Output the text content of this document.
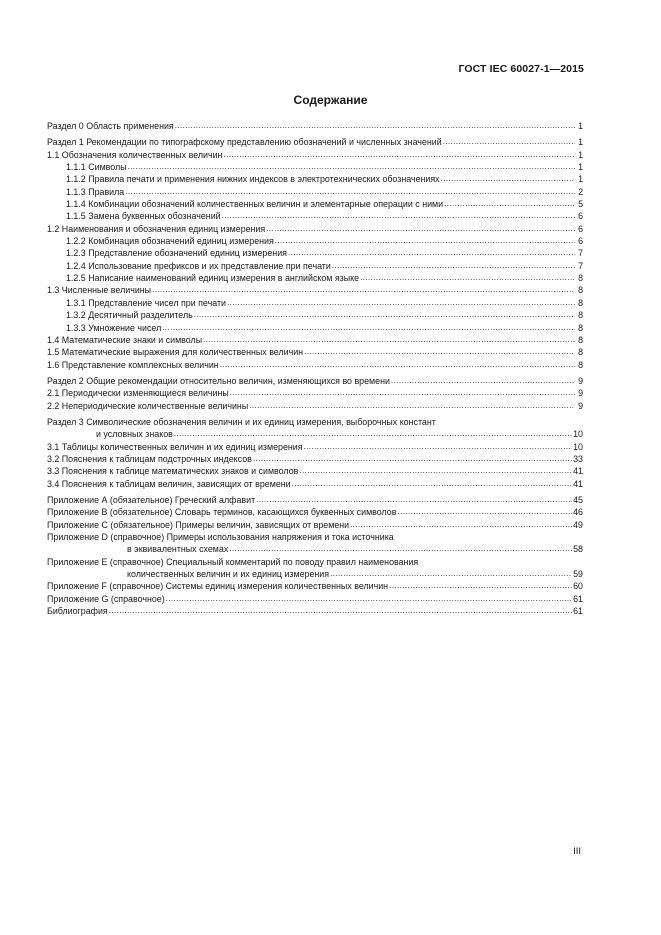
ГОСТ IEC 60027-1—2015
Содержание
Раздел 0 Область применения .....	1
Раздел 1 Рекомендации по типографскому представлению обозначений и численных значений .....	1
1.1 Обозначения количественных величин .....	1
1.1.1 Символы .....	1
1.1.2 Правила печати и применения нижних индексов в электротехнических обозначениях .....	1
1.1.3 Правила .....	2
1.1.4 Комбинации обозначений количественных величин и элементарные операции с ними .....	5
1.1.5 Замена буквенных обозначений .....	6
1.2 Наименования и обозначения единиц измерения .....	6
1.2.2 Комбинация обозначений единиц измерения .....	6
1.2.3 Представление обозначений единиц измерения .....	7
1.2.4 Использование префиксов и их представление при печати .....	7
1.2.5 Написание наименований единиц измерения в английском языке .....	8
1.3 Численные величины .....	8
1.3.1 Представление чисел при печати .....	8
1.3.2 Десятичный разделитель .....	8
1.3.3 Умножение чисел .....	8
1.4 Математические знаки и символы .....	8
1.5 Математические выражения для количественных величин .....	8
1.6 Представление комплексных величин .....	8
Раздел 2 Общие рекомендации относительно величин, изменяющихся во времени .....	9
2.1 Периодически изменяющиеся величины .....	9
2.2 Непериодические количественные величины .....	9
Раздел 3 Символические обозначения величин и их единиц измерения, выборочных констант
и условных знаков .....	10
3.1 Таблицы количественных величин и их единиц измерения .....	10
3.2 Пояснения к таблицам подстрочных индексов .....	33
3.3 Пояснения к таблице математических знаков и символов .....	41
3.4 Пояснения к таблицам величин, зависящих от времени .....	41
Приложение А (обязательное) Греческий алфавит .....	45
Приложение В (обязательное) Словарь терминов, касающихся буквенных символов .....	46
Приложение С (обязательное) Примеры величин, зависящих от времени .....	49
Приложение D (справочное) Примеры использования напряжения и тока источника
в эквивалентных схемах .....	58
Приложение Е (справочное) Специальный комментарий по поводу правил наименования
количественных величин и их единиц измерения .....	59
Приложение F (справочное) Системы единиц измерения количественных величин .....	60
Приложение G (справочное) .....	61
Библиография .....	61
III
